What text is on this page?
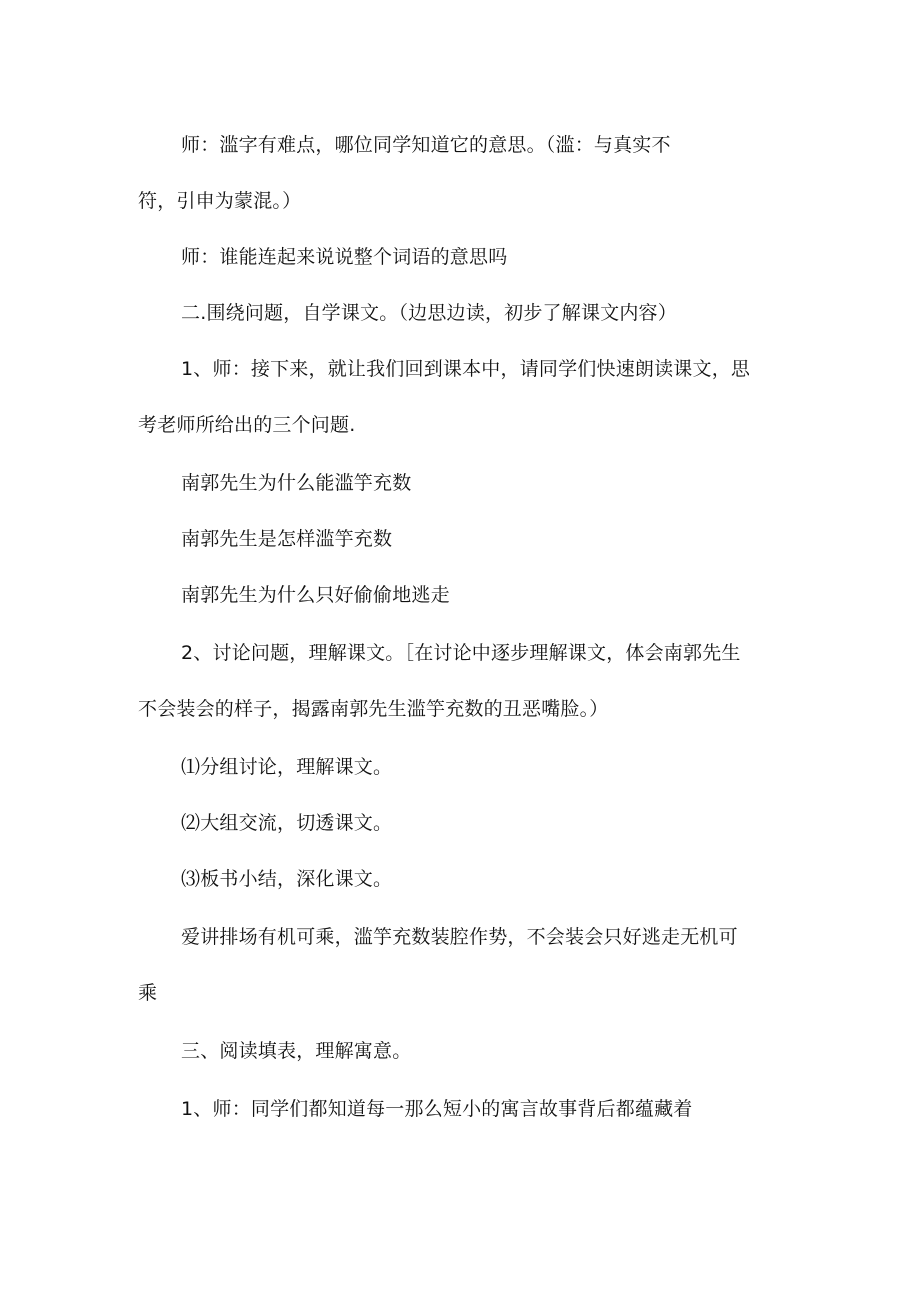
师：滥字有难点，哪位同学知道它的意思。（滥：与真实不
符，引申为蒙混。）
师：谁能连起来说说整个词语的意思吗
二.围绕问题，自学课文。（边思边读，初步了解课文内容）
1、师：接下来，就让我们回到课本中，请同学们快速朗读课文，思
考老师所给出的三个问题.
南郭先生为什么能滥竽充数
南郭先生是怎样滥竽充数
南郭先生为什么只好偷偷地逃走
2、讨论问题，理解课文。［在讨论中逐步理解课文，体会南郭先生
不会装会的样子，揭露南郭先生滥竽充数的丑恶嘴脸。）
⑴分组讨论，理解课文。
⑵大组交流，切透课文。
⑶板书小结，深化课文。
爱讲排场有机可乘，滥竽充数装腔作势，不会装会只好逃走无机可
乘
三、阅读填表，理解寓意。
1、师：同学们都知道每一那么短小的寓言故事背后都蕴藏着
